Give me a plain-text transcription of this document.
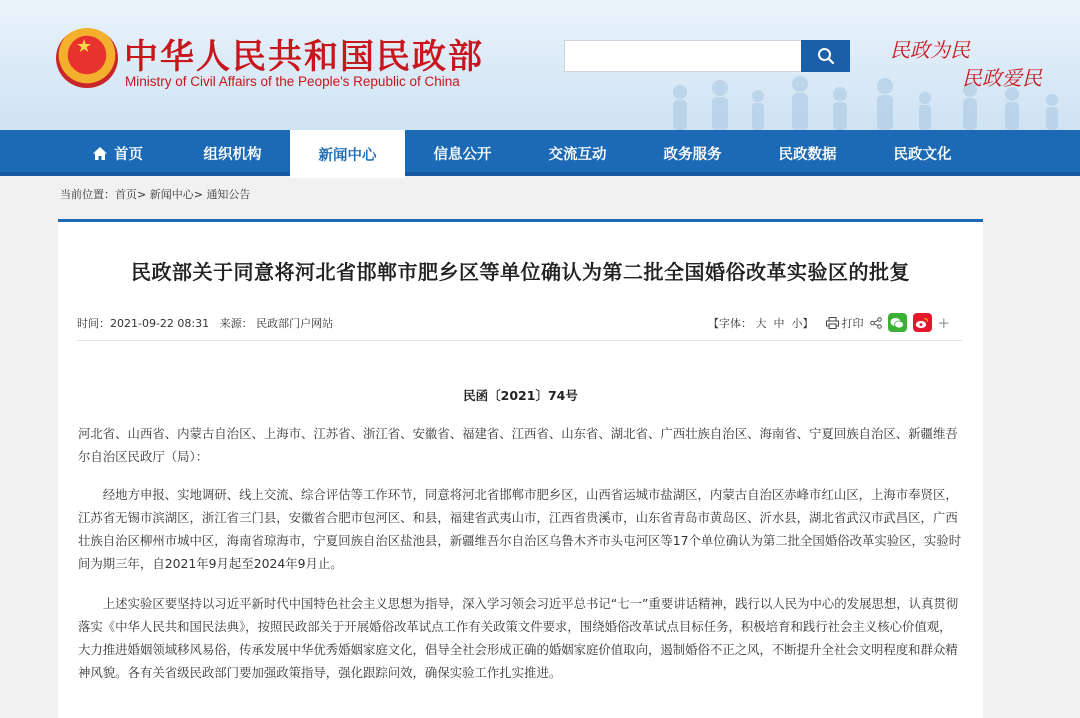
★ 中华人民共和国民政部
Ministry of Civil Affairs of the People's Republic of China
民政为民
民政爱民
首页	组织机构	新闻中心	信息公开	交流互动	政务服务	民政数据	民政文化
当前位置：首页> 新闻中心> 通知公告
民政部关于同意将河北省邯郸市肥乡区等单位确认为第二批全国婚俗改革实验区的批复
时间：2021-09-22 08:31 来源： 民政部门户网站	【字体： 大 中 小】	打印	+
民函〔2021〕74号

河北省、山西省、内蒙古自治区、上海市、江苏省、浙江省、安徽省、福建省、江西省、山东省、湖北省、广西壮族自治区、海南省、宁夏回族自治区、新疆维吾尔自治区民政厅（局）：

经地方申报、实地调研、线上交流、综合评估等工作环节，同意将河北省邯郸市肥乡区，山西省运城市盐湖区，内蒙古自治区赤峰市红山区，上海市奉贤区，江苏省无锡市滨湖区，浙江省三门县，安徽省合肥市包河区、和县，福建省武夷山市，江西省贵溪市，山东省青岛市黄岛区、沂水县，湖北省武汉市武昌区，广西壮族自治区柳州市城中区，海南省琼海市，宁夏回族自治区盐池县，新疆维吾尔自治区乌鲁木齐市头屯河区等17个单位确认为第二批全国婚俗改革实验区，实验时间为期三年，自2021年9月起至2024年9月止。

上述实验区要坚持以习近平新时代中国特色社会主义思想为指导，深入学习领会习近平总书记“七一”重要讲话精神，践行以人民为中心的发展思想，认真贯彻落实《中华人民共和国民法典》，按照民政部关于开展婚俗改革试点工作有关政策文件要求，围绕婚俗改革试点目标任务，积极培育和践行社会主义核心价值观，大力推进婚姻领域移风易俗，传承发展中华优秀婚姻家庭文化，倡导全社会形成正确的婚姻家庭价值取向，遏制婚俗不正之风，不断提升全社会文明程度和群众精神风貌。各有关省级民政部门要加强政策指导，强化跟踪问效，确保实验工作扎实推进。
